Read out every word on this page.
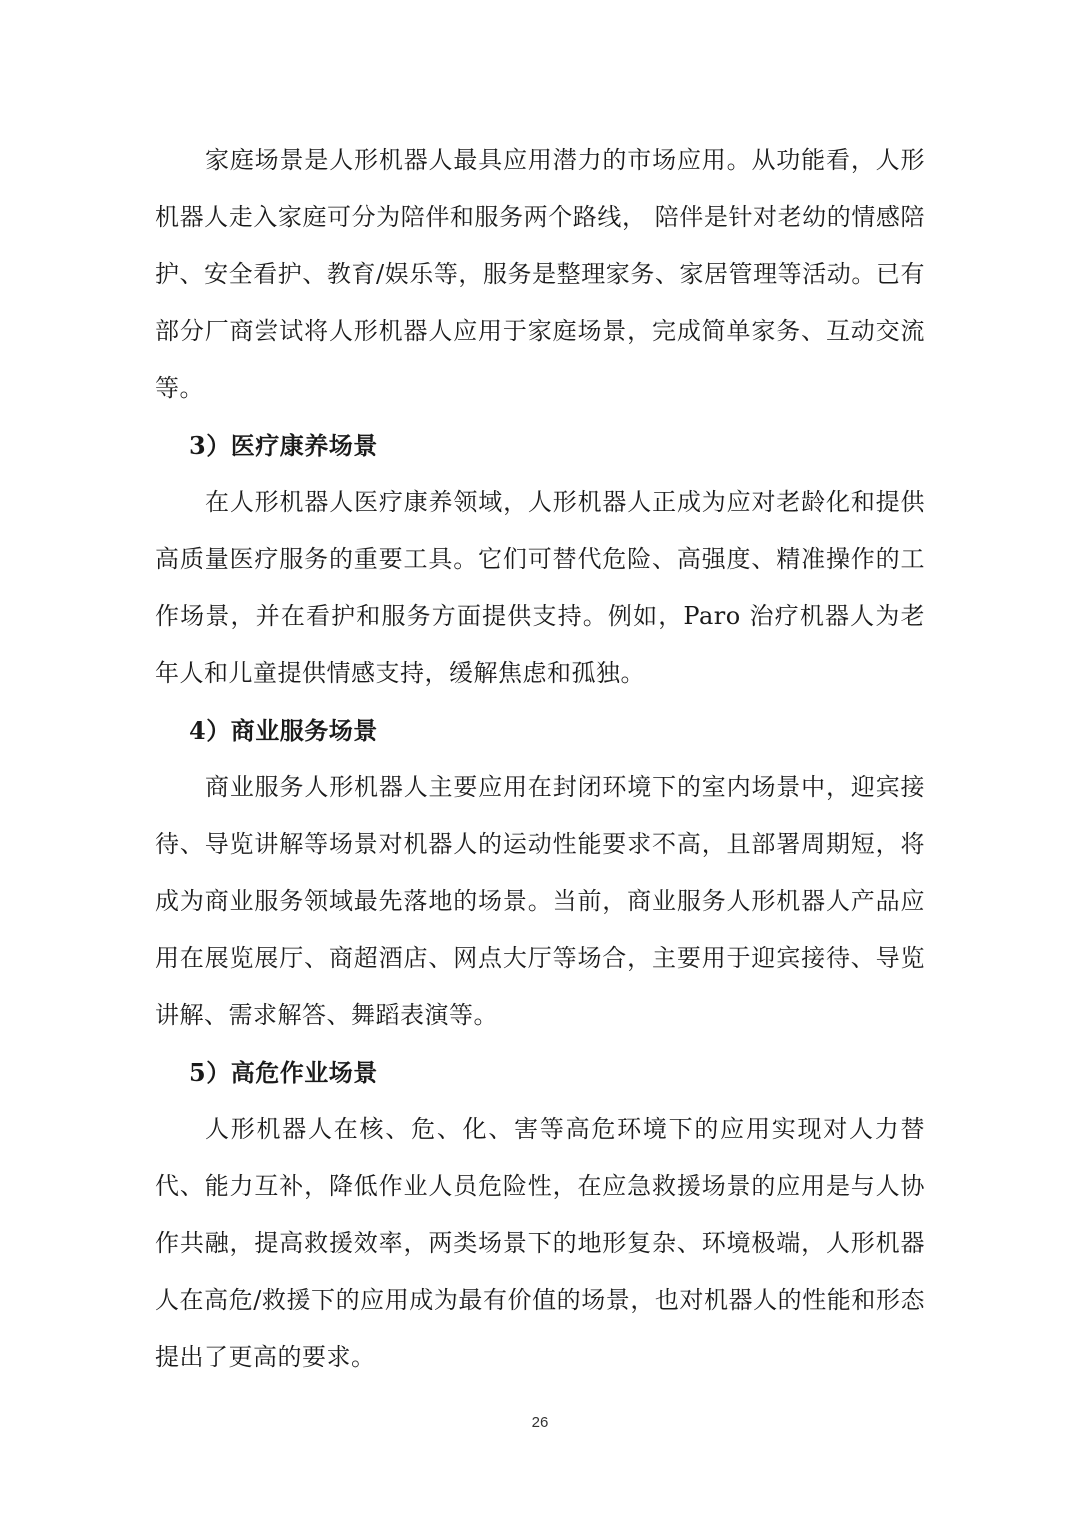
家庭场景是人形机器人最具应用潜力的市场应用。从功能看，人形机器人走入家庭可分为陪伴和服务两个路线， 陪伴是针对老幼的情感陪护、安全看护、教育/娱乐等，服务是整理家务、家居管理等活动。已有部分厂商尝试将人形机器人应用于家庭场景，完成简单家务、互动交流等。

3）医疗康养场景

在人形机器人医疗康养领域，人形机器人正成为应对老龄化和提供高质量医疗服务的重要工具。它们可替代危险、高强度、精准操作的工作场景，并在看护和服务方面提供支持。例如，Paro 治疗机器人为老年人和儿童提供情感支持，缓解焦虑和孤独。

4）商业服务场景

商业服务人形机器人主要应用在封闭环境下的室内场景中，迎宾接待、导览讲解等场景对机器人的运动性能要求不高，且部署周期短，将成为商业服务领域最先落地的场景。当前，商业服务人形机器人产品应用在展览展厅、商超酒店、网点大厅等场合，主要用于迎宾接待、导览讲解、需求解答、舞蹈表演等。

5）高危作业场景

人形机器人在核、危、化、害等高危环境下的应用实现对人力替代、能力互补，降低作业人员危险性，在应急救援场景的应用是与人协作共融，提高救援效率，两类场景下的地形复杂、环境极端，人形机器人在高危/救援下的应用成为最有价值的场景，也对机器人的性能和形态提出了更高的要求。

26
